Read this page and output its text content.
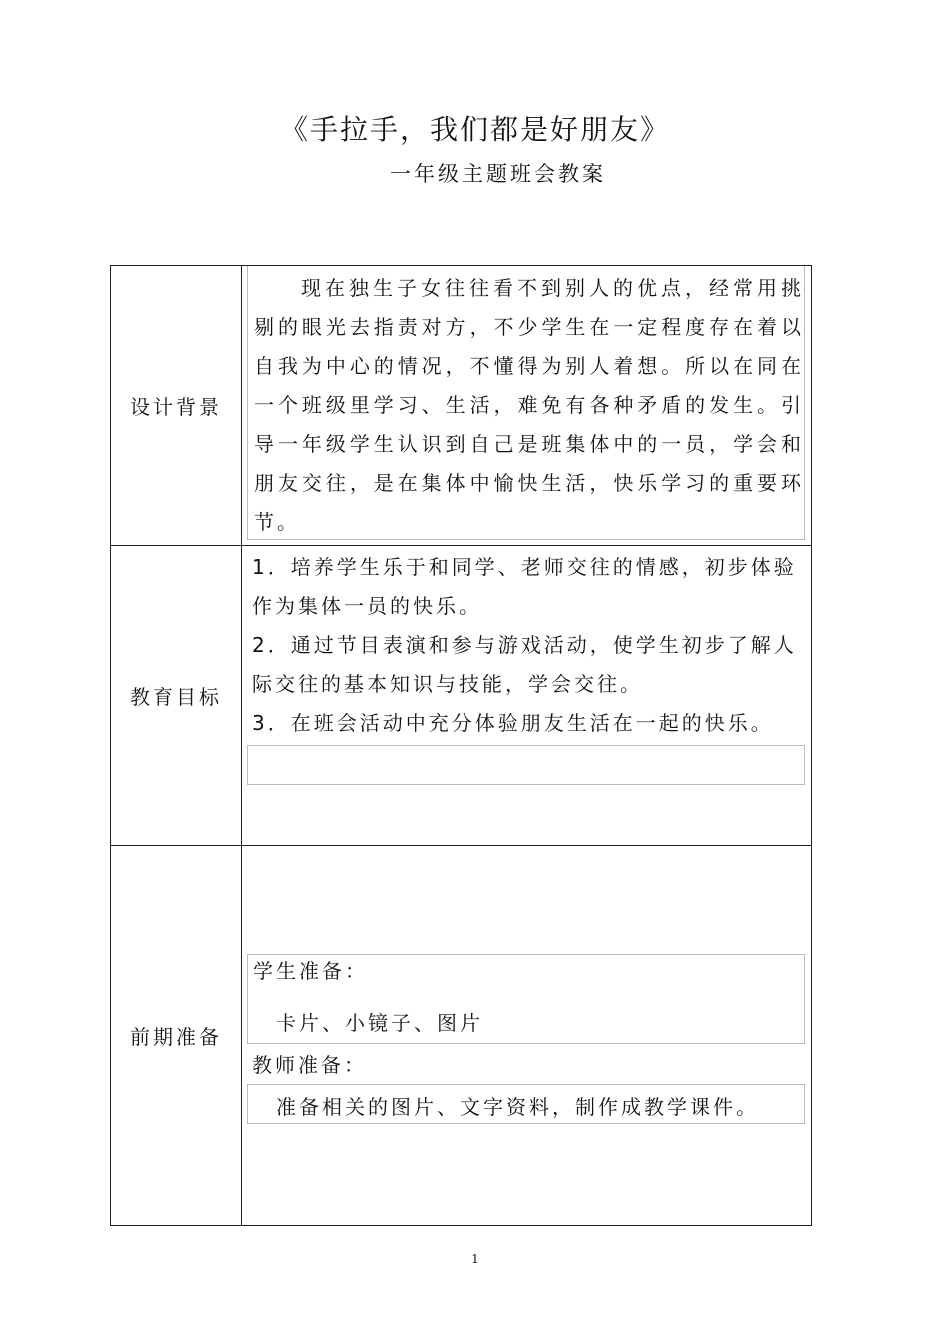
《手拉手，我们都是好朋友》
一年级主题班会教案
设计背景	现在独生子女往往看不到别人的优点，经常用挑剔的眼光去指责对方，不少学生在一定程度存在着以自我为中心的情况，不懂得为别人着想。所以在同在一个班级里学习、生活，难免有各种矛盾的发生。引导一年级学生认识到自己是班集体中的一员，学会和朋友交往，是在集体中愉快生活，快乐学习的重要环节。

教育目标	1．培养学生乐于和同学、老师交往的情感，初步体验作为集体一员的快乐。
2．通过节目表演和参与游戏活动，使学生初步了解人际交往的基本知识与技能，学会交往。
3．在班会活动中充分体验朋友生活在一起的快乐。

前期准备	学生准备：
卡片、小镜子、图片
教师准备：
准备相关的图片、文字资料，制作成教学课件。
1
